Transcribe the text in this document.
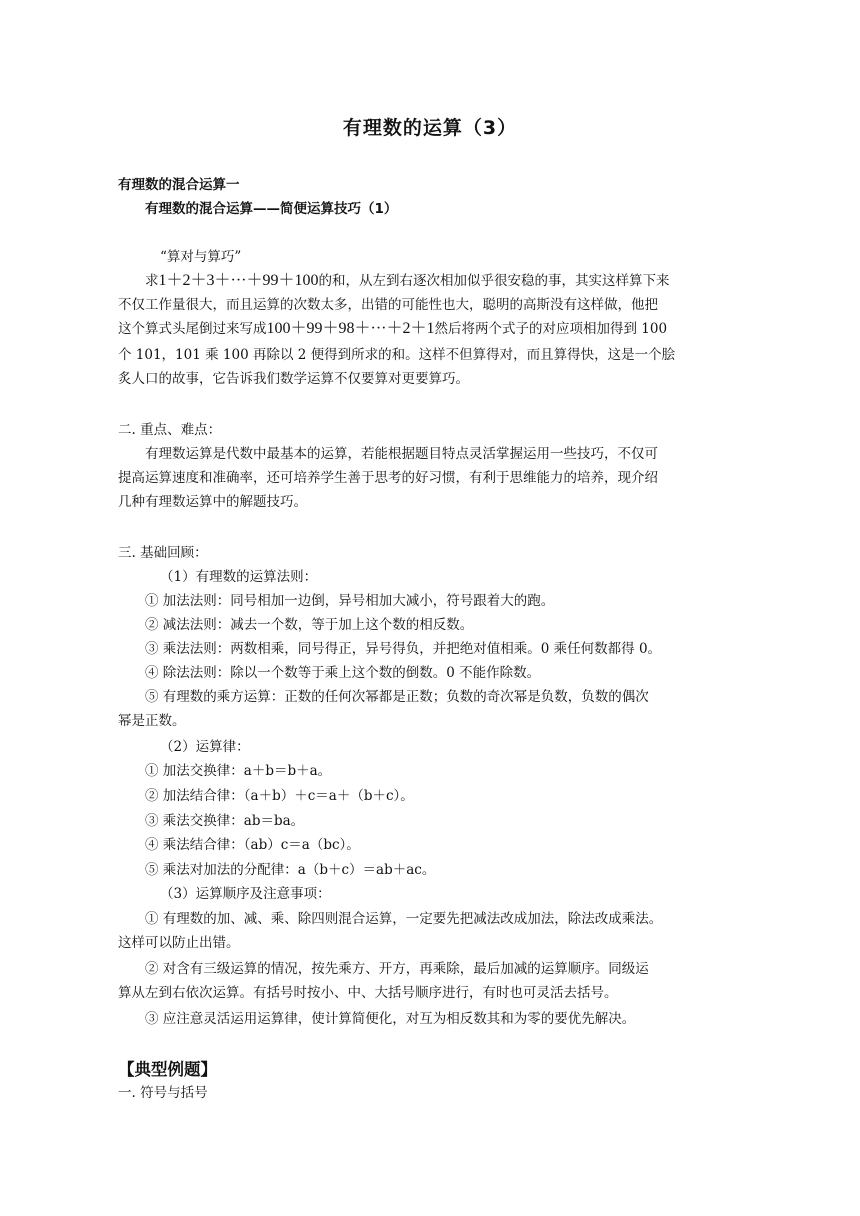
有理数的运算（3）
有理数的混合运算一
有理数的混合运算——简便运算技巧（1）
“算对与算巧”
求1＋2＋3＋···＋99＋100的和，从左到右逐次相加似乎很安稳的事，其实这样算下来
不仅工作量很大，而且运算的次数太多，出错的可能性也大，聪明的高斯没有这样做，他把
这个算式头尾倒过来写成100＋99＋98＋···＋2＋1然后将两个式子的对应项相加得到 100
个 101，101 乘 100 再除以 2 便得到所求的和。这样不但算得对，而且算得快，这是一个脍
炙人口的故事，它告诉我们数学运算不仅要算对更要算巧。
二. 重点、难点：
有理数运算是代数中最基本的运算，若能根据题目特点灵活掌握运用一些技巧，不仅可
提高运算速度和准确率，还可培养学生善于思考的好习惯，有利于思维能力的培养，现介绍
几种有理数运算中的解题技巧。
三. 基础回顾：
（1）有理数的运算法则：
① 加法法则：同号相加一边倒，异号相加大减小，符号跟着大的跑。
② 减法法则：减去一个数，等于加上这个数的相反数。
③ 乘法法则：两数相乘，同号得正，异号得负，并把绝对值相乘。0 乘任何数都得 0。
④ 除法法则：除以一个数等于乘上这个数的倒数。0 不能作除数。
⑤ 有理数的乘方运算：正数的任何次幂都是正数；负数的奇次幂是负数，负数的偶次
幂是正数。
（2）运算律：
① 加法交换律：a＋b＝b＋a。
② 加法结合律：（a＋b）＋c＝a＋（b＋c）。
③ 乘法交换律：ab＝ba。
④ 乘法结合律：（ab）c＝a（bc）。
⑤ 乘法对加法的分配律：a（b＋c）＝ab＋ac。
（3）运算顺序及注意事项：
① 有理数的加、减、乘、除四则混合运算，一定要先把减法改成加法，除法改成乘法。
这样可以防止出错。
② 对含有三级运算的情况，按先乘方、开方，再乘除，最后加减的运算顺序。同级运
算从左到右依次运算。有括号时按小、中、大括号顺序进行，有时也可灵活去括号。
③ 应注意灵活运用运算律，使计算简便化，对互为相反数其和为零的要优先解决。
【典型例题】
一. 符号与括号
